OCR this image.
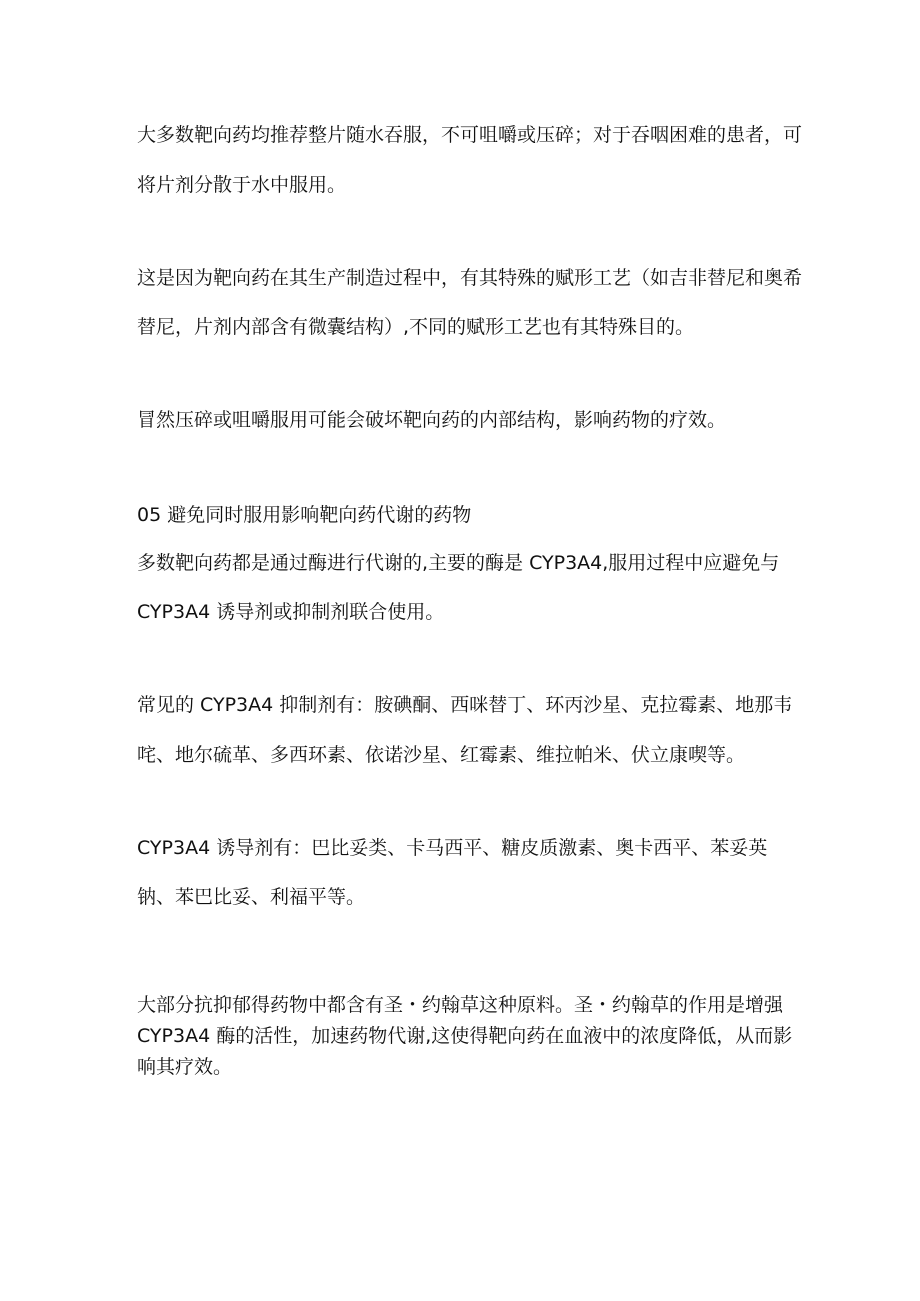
大多数靶向药均推荐整片随水吞服，不可咀嚼或压碎；对于吞咽困难的患者，可
将片剂分散于水中服用。
这是因为靶向药在其生产制造过程中，有其特殊的赋形工艺（如吉非替尼和奥希
替尼，片剂内部含有微囊结构）,不同的赋形工艺也有其特殊目的。
冒然压碎或咀嚼服用可能会破坏靶向药的内部结构，影响药物的疗效。
05 避免同时服用影响靶向药代谢的药物
多数靶向药都是通过酶进行代谢的,主要的酶是 CYP3A4,服用过程中应避免与
CYP3A4 诱导剂或抑制剂联合使用。
常见的 CYP3A4 抑制剂有：胺碘酮、西咪替丁、环丙沙星、克拉霉素、地那韦
咤、地尔硫革、多西环素、依诺沙星、红霉素、维拉帕米、伏立康喫等。
CYP3A4 诱导剂有：巴比妥类、卡马西平、糖皮质激素、奥卡西平、苯妥英
钠、苯巴比妥、利福平等。
大部分抗抑郁得药物中都含有圣・约翰草这种原料。圣・约翰草的作用是增强
CYP3A4 酶的活性，加速药物代谢,这使得靶向药在血液中的浓度降低，从而影
响其疗效。
